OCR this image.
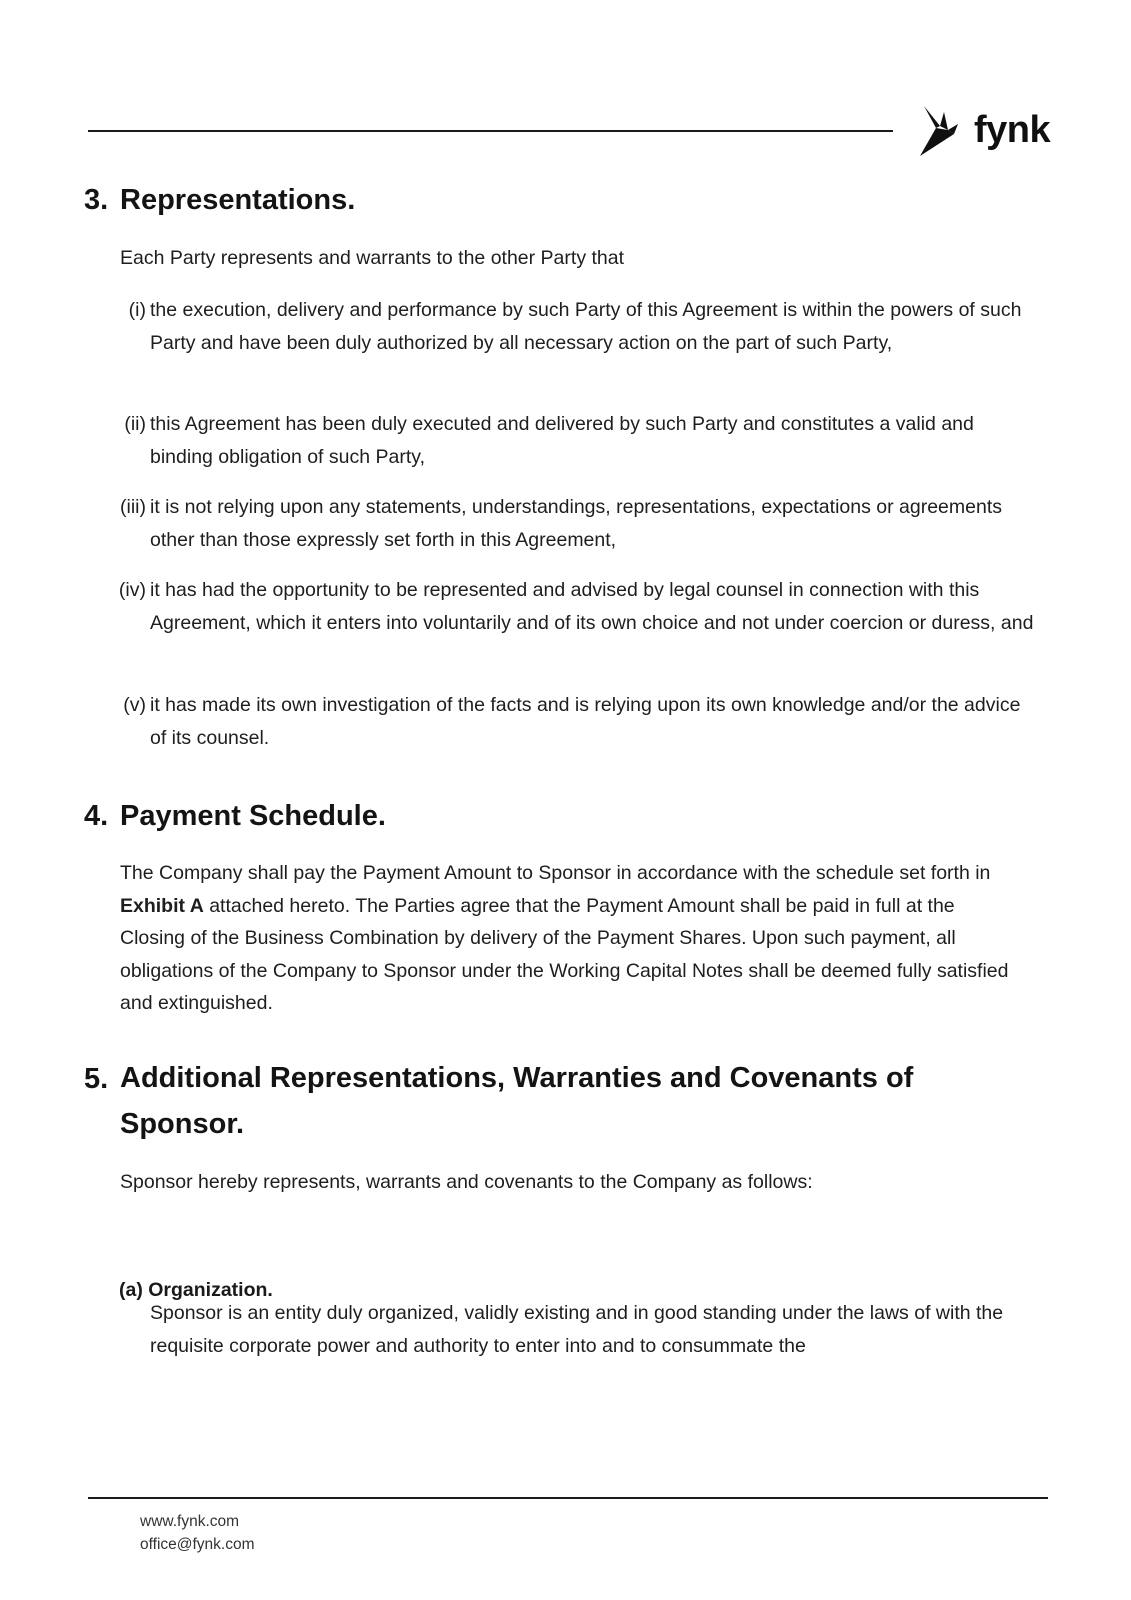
fynk
3. Representations.

Each Party represents and warrants to the other Party that

(i) the execution, delivery and performance by such Party of this Agreement is within the powers of such Party and have been duly authorized by all necessary action on the part of such Party,
(ii) this Agreement has been duly executed and delivered by such Party and constitutes a valid and binding obligation of such Party,
(iii) it is not relying upon any statements, understandings, representations, expectations or agreements other than those expressly set forth in this Agreement,
(iv) it has had the opportunity to be represented and advised by legal counsel in connection with this Agreement, which it enters into voluntarily and of its own choice and not under coercion or duress, and
(v) it has made its own investigation of the facts and is relying upon its own knowledge and/or the advice of its counsel.
4. Payment Schedule.

The Company shall pay the Payment Amount to Sponsor in accordance with the schedule set forth in Exhibit A attached hereto. The Parties agree that the Payment Amount shall be paid in full at the Closing of the Business Combination by delivery of the Payment Shares. Upon such payment, all obligations of the Company to Sponsor under the Working Capital Notes shall be deemed fully satisfied and extinguished.

5. Additional Representations, Warranties and Covenants of Sponsor.

Sponsor hereby represents, warrants and covenants to the Company as follows:

(a) Organization.

Sponsor is an entity duly organized, validly existing and in good standing under the laws of with the requisite corporate power and authority to enter into and to consummate the

www.fynk.com
office@fynk.com
